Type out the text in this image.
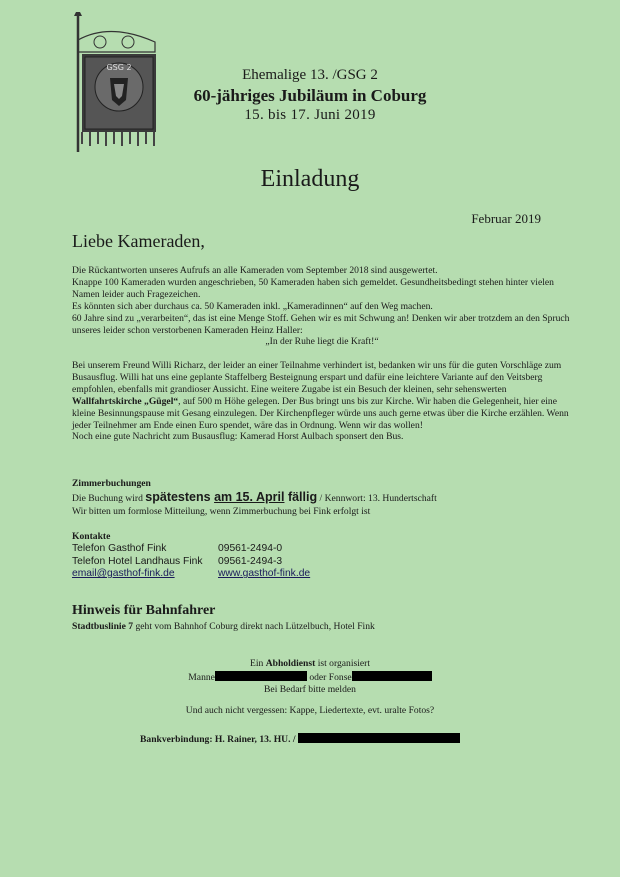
GSG 2	Ehemalige 13. /GSG 2
60-jähriges Jubiläum in Coburg
15. bis 17. Juni 2019
Einladung
Februar 2019
Liebe Kameraden,

Die Rückantworten unseres Aufrufs an alle Kameraden vom September 2018 sind ausgewertet.

Knappe 100 Kameraden wurden angeschrieben, 50 Kameraden haben sich gemeldet. Gesundheitsbedingt stehen hinter vielen Namen leider auch Fragezeichen.

Es könnten sich aber durchaus ca. 50 Kameraden inkl. „Kameradinnen“ auf den Weg machen.

60 Jahre sind zu „verarbeiten“, das ist eine Menge Stoff. Gehen wir es mit Schwung an! Denken wir aber trotzdem an den Spruch unseres leider schon verstorbenen Kameraden Heinz Haller:

„In der Ruhe liegt die Kraft!“

Bei unserem Freund Willi Richarz, der leider an einer Teilnahme verhindert ist, bedanken wir uns für die guten Vorschläge zum Busausflug. Willi hat uns eine geplante Staffelberg Besteignung erspart und dafür eine leichtere Variante auf den Veitsberg empfohlen, ebenfalls mit grandioser Aussicht. Eine weitere Zugabe ist ein Besuch der kleinen, sehr sehenswerten Wallfahrtskirche „Gügel“, auf 500 m Höhe gelegen. Der Bus bringt uns bis zur Kirche. Wir haben die Gelegenheit, hier eine kleine Besinnungspause mit Gesang einzulegen. Der Kirchenpfleger würde uns auch gerne etwas über die Kirche erzählen. Wenn jeder Teilnehmer am Ende einen Euro spendet, wäre das in Ordnung. Wenn wir das wollen!

Noch eine gute Nachricht zum Busausflug: Kamerad Horst Aulbach sponsert den Bus.

Zimmerbuchungen
Die Buchung wird spätestens am 15. April fällig / Kennwort: 13. Hundertschaft
Wir bitten um formlose Mitteilung, wenn Zimmerbuchung bei Fink erfolgt ist
Kontakte
Telefon Gasthof Fink	09561-2494-0
Telefon Hotel Landhaus Fink	09561-2494-3
email@gasthof-fink.de	www.gasthof-fink.de
Hinweis für Bahnfahrer
Stadtbuslinie 7 geht vom Bahnhof Coburg direkt nach Lützelbuch, Hotel Fink
Ein Abholdienst ist organisiert
Manne	oder Fonse
Bei Bedarf bitte melden
Und auch nicht vergessen: Kappe, Liedertexte, evt. uralte Fotos?
Bankverbindung: H. Rainer, 13. HU. /
